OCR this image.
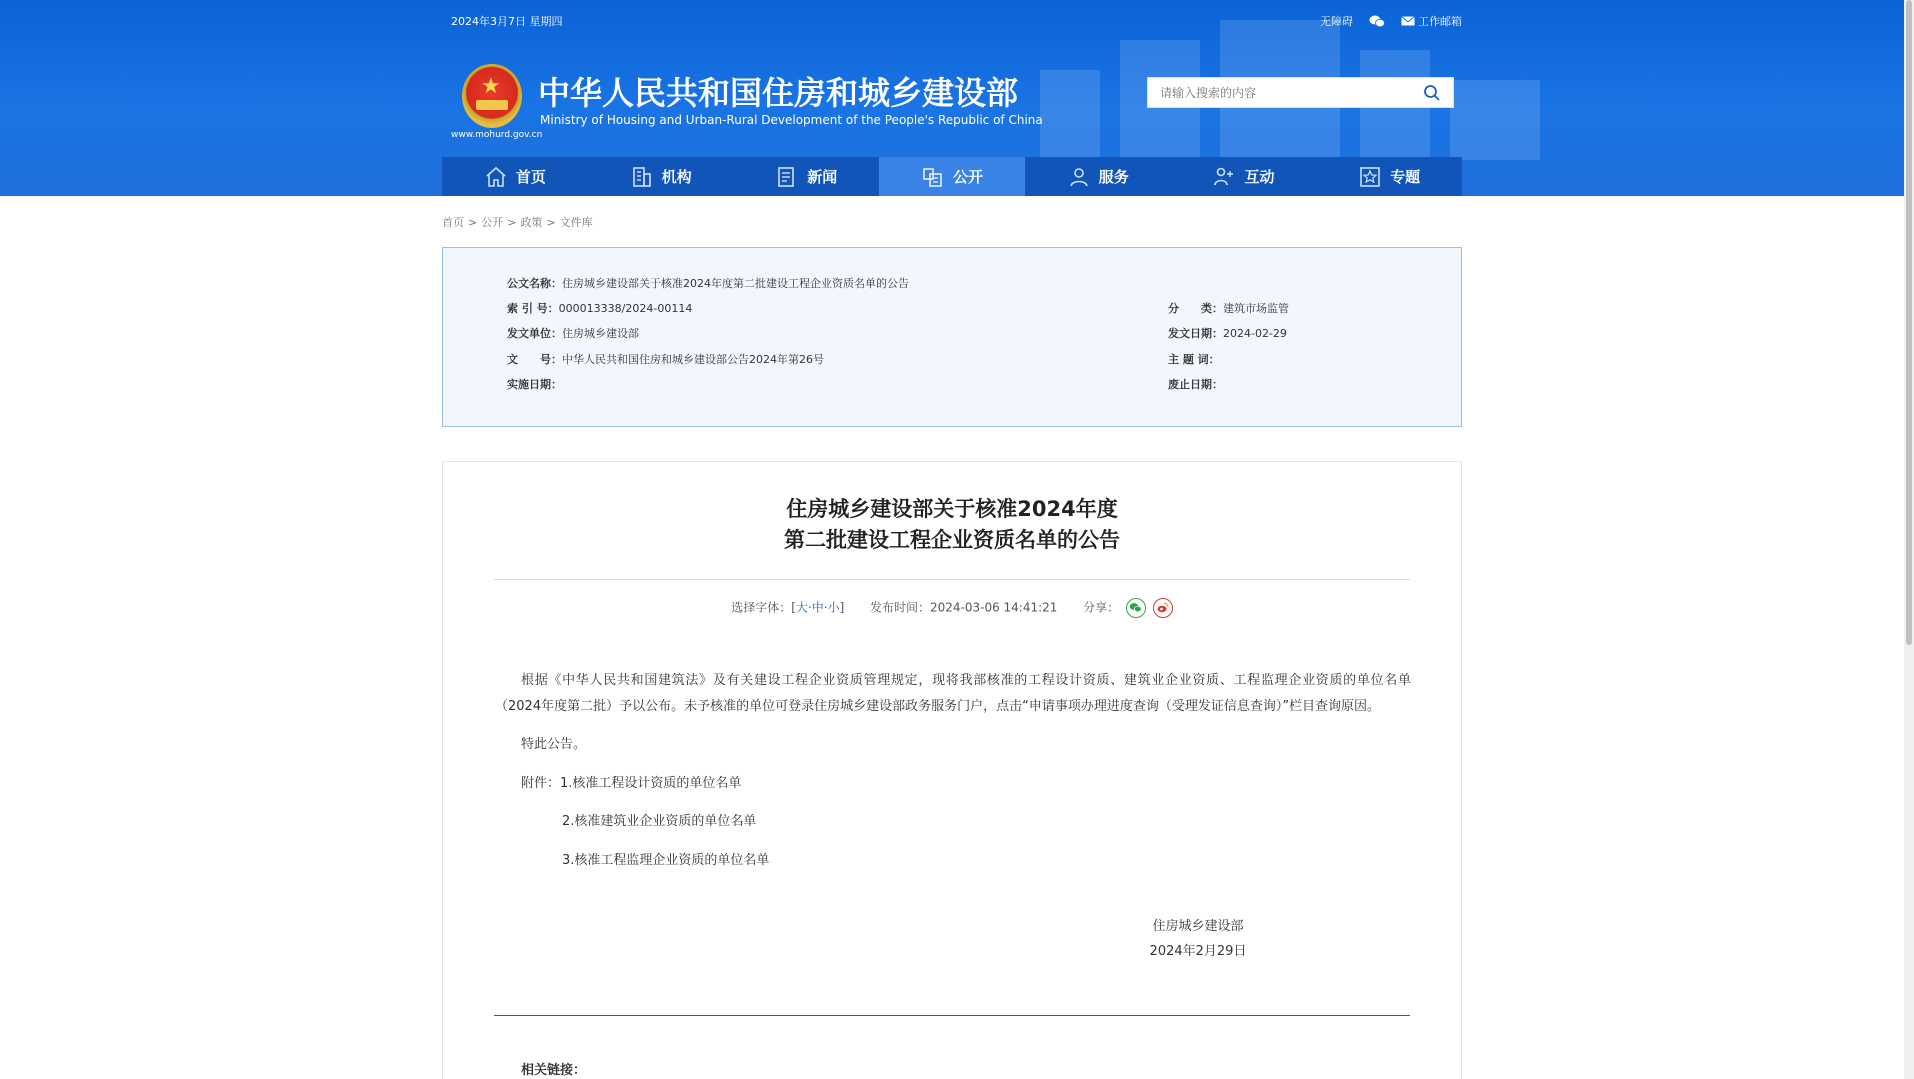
2024年3月7日 星期四	无障碍	工作邮箱
★
www.mohurd.gov.cn
中华人民共和国住房和城乡建设部
Ministry of Housing and Urban-Rural Development of the People's Republic of China
请输入搜索的内容
首页	机构	新闻	公开	服务	互动	专题
首页 > 公开 > 政策 > 文件库
公文名称：住房城乡建设部关于核准2024年度第二批建设工程企业资质名单的公告
索 引 号：000013338/2024-00114	分　　类：建筑市场监管
发文单位：住房城乡建设部	发文日期：2024-02-29
文　　号：中华人民共和国住房和城乡建设部公告2024年第26号	主 题 词：
实施日期：	废止日期：
住房城乡建设部关于核准2024年度
第二批建设工程企业资质名单的公告
选择字体：[大·中·小] 发布时间：2024-03-06 14:41:21 分享：

根据《中华人民共和国建筑法》及有关建设工程企业资质管理规定，现将我部核准的工程设计资质、建筑业企业资质、工程监理企业资质的单位名单（2024年度第二批）予以公布。未予核准的单位可登录住房城乡建设部政务服务门户，点击“申请事项办理进度查询（受理发证信息查询）”栏目查询原因。

特此公告。

附件：1.核准工程设计资质的单位名单

2.核准建筑业企业资质的单位名单

3.核准工程监理企业资质的单位名单

住房城乡建设部
2024年2月29日
相关链接：
